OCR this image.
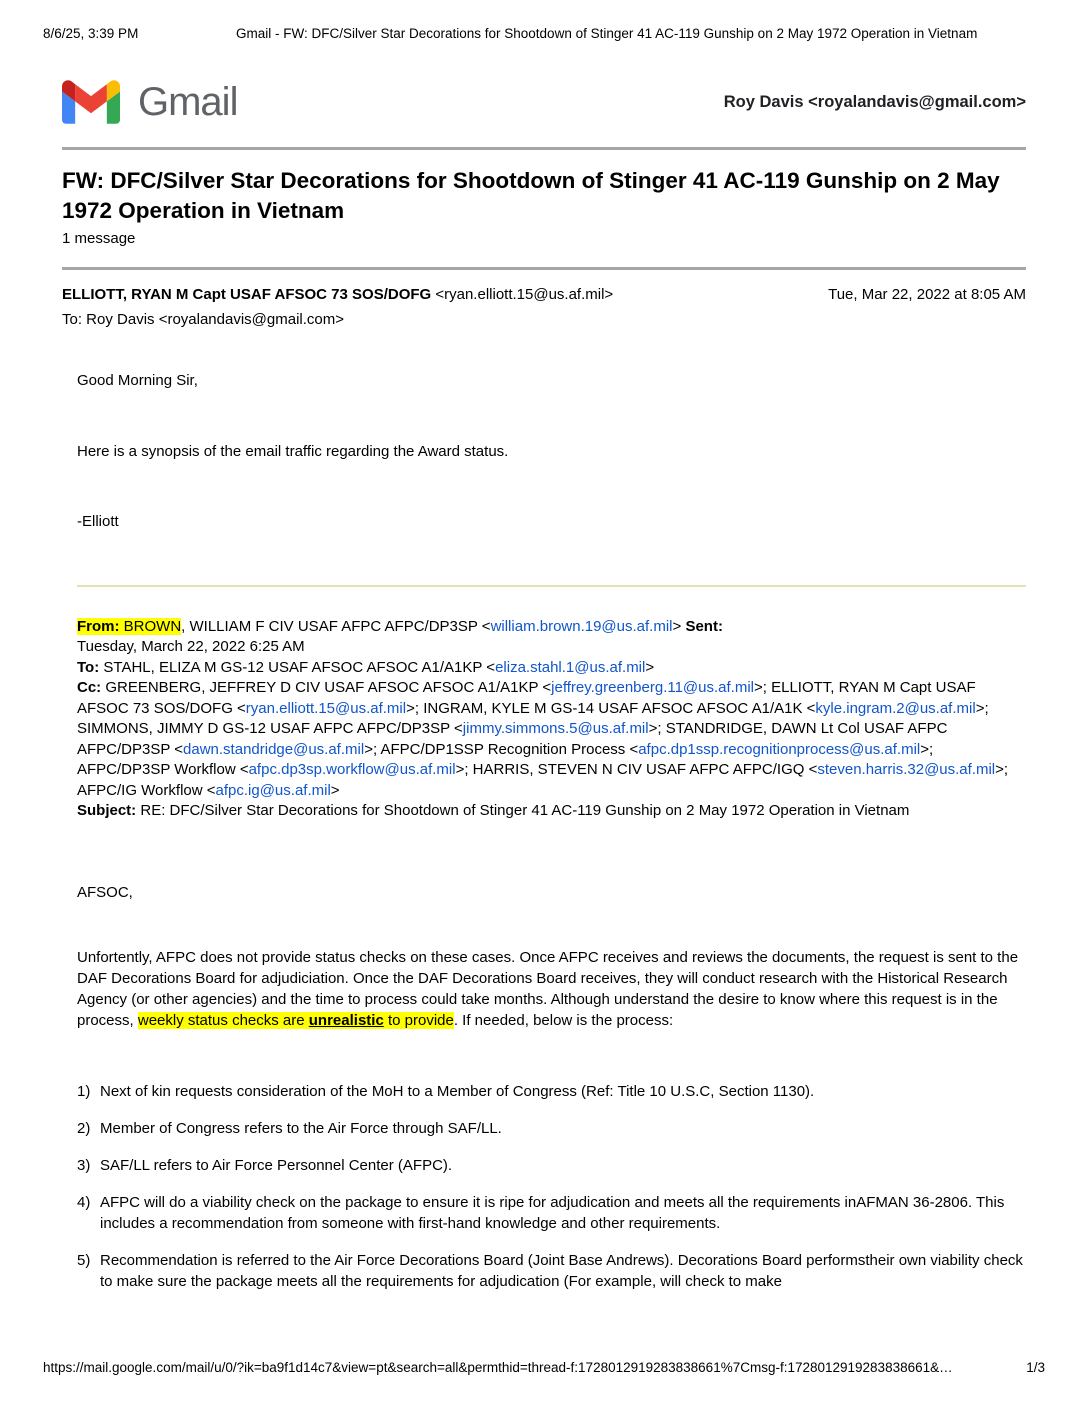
8/6/25, 3:39 PM	Gmail - FW: DFC/Silver Star Decorations for Shootdown of Stinger 41 AC-119 Gunship on 2 May 1972 Operation in Vietnam
Gmail	Roy Davis <royalandavis@gmail.com>
FW: DFC/Silver Star Decorations for Shootdown of Stinger 41 AC-119 Gunship on 2 May 1972 Operation in Vietnam
1 message
ELLIOTT, RYAN M Capt USAF AFSOC 73 SOS/DOFG <ryan.elliott.15@us.af.mil>	Tue, Mar 22, 2022 at 8:05 AM
To: Roy Davis <royalandavis@gmail.com>
Good Morning Sir,
Here is a synopsis of the email traffic regarding the Award status.
-Elliott
From: BROWN, WILLIAM F CIV USAF AFPC AFPC/DP3SP <william.brown.19@us.af.mil> Sent:
Tuesday, March 22, 2022 6:25 AM
To: STAHL, ELIZA M GS-12 USAF AFSOC AFSOC A1/A1KP <eliza.stahl.1@us.af.mil>
Cc: GREENBERG, JEFFREY D CIV USAF AFSOC AFSOC A1/A1KP <jeffrey.greenberg.11@us.af.mil>; ELLIOTT, RYAN M Capt USAF AFSOC 73 SOS/DOFG <ryan.elliott.15@us.af.mil>; INGRAM, KYLE M GS-14 USAF AFSOC AFSOC A1/A1K <kyle.ingram.2@us.af.mil>; SIMMONS, JIMMY D GS-12 USAF AFPC AFPC/DP3SP <jimmy.simmons.5@us.af.mil>; STANDRIDGE, DAWN Lt Col USAF AFPC AFPC/DP3SP <dawn.standridge@us.af.mil>; AFPC/DP1SSP Recognition Process <afpc.dp1ssp.recognitionprocess@us.af.mil>; AFPC/DP3SP Workflow <afpc.dp3sp.workflow@us.af.mil>; HARRIS, STEVEN N CIV USAF AFPC AFPC/IGQ <steven.harris.32@us.af.mil>; AFPC/IG Workflow <afpc.ig@us.af.mil>
Subject: RE: DFC/Silver Star Decorations for Shootdown of Stinger 41 AC-119 Gunship on 2 May 1972 Operation in Vietnam
AFSOC,
Unfortently, AFPC does not provide status checks on these cases. Once AFPC receives and reviews the documents, the request is sent to the DAF Decorations Board for adjudiciation. Once the DAF Decorations Board receives, they will conduct research with the Historical Research Agency (or other agencies) and the time to process could take months. Although understand the desire to know where this request is in the process, weekly status checks are unrealistic to provide. If needed, below is the process:
1) Next of kin requests consideration of the MoH to a Member of Congress (Ref: Title 10 U.S.C, Section 1130).
2) Member of Congress refers to the Air Force through SAF/LL.
3) SAF/LL refers to Air Force Personnel Center (AFPC).
4) AFPC will do a viability check on the package to ensure it is ripe for adjudication and meets all the requirements inAFMAN 36-2806. This includes a recommendation from someone with first-hand knowledge and other requirements.
5) Recommendation is referred to the Air Force Decorations Board (Joint Base Andrews). Decorations Board performstheir own viability check to make sure the package meets all the requirements for adjudication (For example, will check to make
https://mail.google.com/mail/u/0/?ik=ba9f1d14c7&view=pt&search=all&permthid=thread-f:1728012919283838661%7Cmsg-f:1728012919283838661&…	1/3
